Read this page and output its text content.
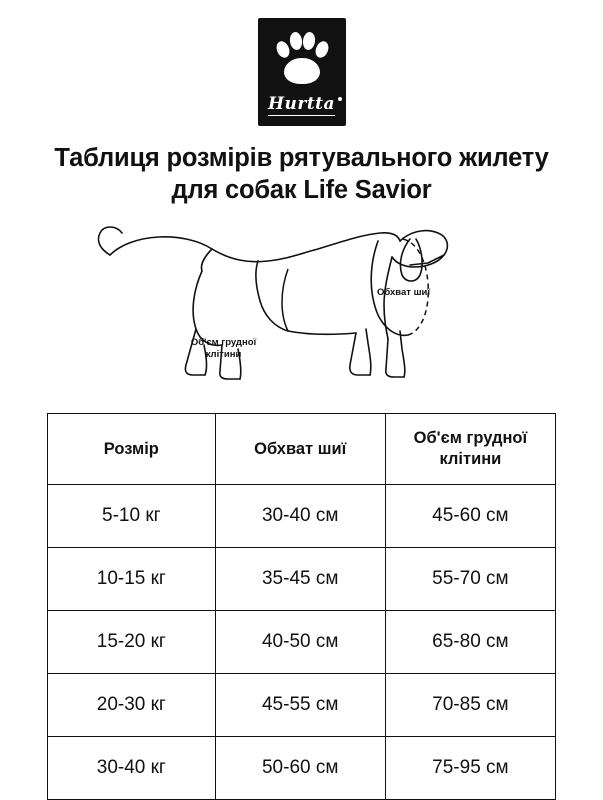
Hurtta
Таблиця розмірів рятувального жилету для собак Life Savior
Обхват шиї
Об'єм грудної клітини
Розмір	Обхват шиї	Об'єм грудної клітини
5-10 кг	30-40 см	45-60 см
10-15 кг	35-45 см	55-70 см
15-20 кг	40-50 см	65-80 см
20-30 кг	45-55 см	70-85 см
30-40 кг	50-60 см	75-95 см
